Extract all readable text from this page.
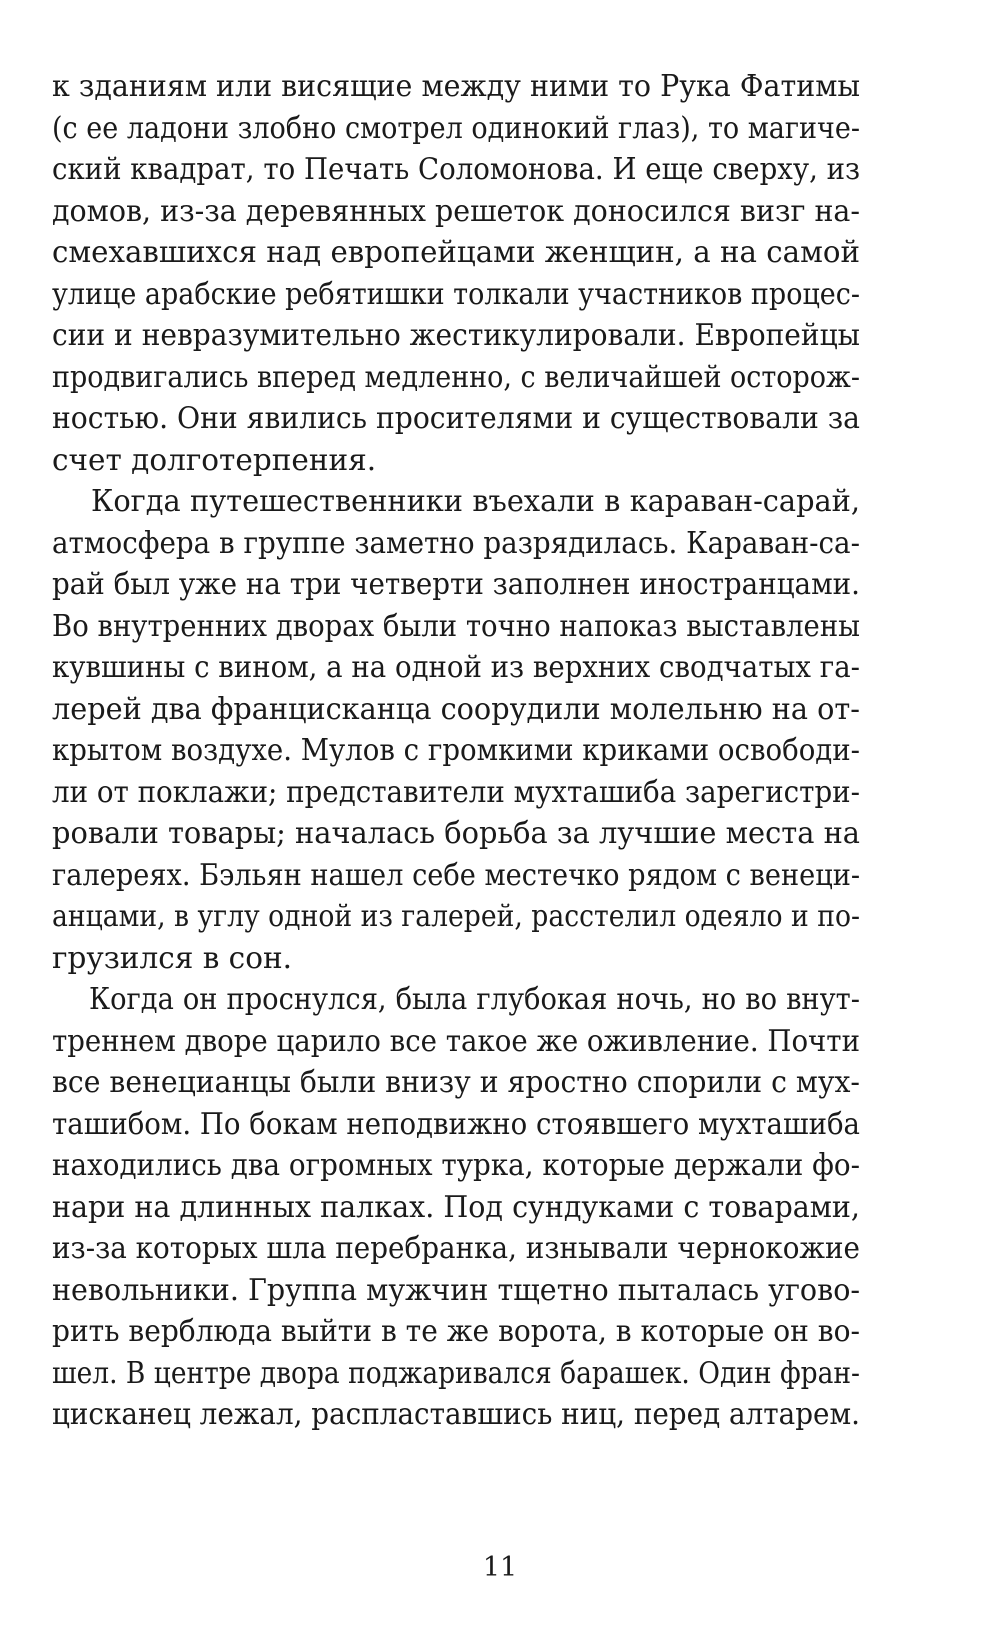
к зданиям или висящие между ними то Рука Фатимы
(с ее ладони злобно смотрел одинокий глаз), то магиче-
ский квадрат, то Печать Соломонова. И еще сверху, из
домов, из-за деревянных решеток доносился визг на-
смехавшихся над европейцами женщин, а на самой
улице арабские ребятишки толкали участников процес-
сии и невразумительно жестикулировали. Европейцы
продвигались вперед медленно, с величайшей осторож-
ностью. Они явились просителями и существовали за
счет долготерпения.
Когда путешественники въехали в караван-сарай,
атмосфера в группе заметно разрядилась. Караван-са-
рай был уже на три четверти заполнен иностранцами.
Во внутренних дворах были точно напоказ выставлены
кувшины с вином, а на одной из верхних сводчатых га-
лерей два францисканца соорудили молельню на от-
крытом воздухе. Мулов с громкими криками освободи-
ли от поклажи; представители мухташиба зарегистри-
ровали товары; началась борьба за лучшие места на
галереях. Бэльян нашел себе местечко рядом с венеци-
анцами, в углу одной из галерей, расстелил одеяло и по-
грузился в сон.
Когда он проснулся, была глубокая ночь, но во внут-
треннем дворе царило все такое же оживление. Почти
все венецианцы были внизу и яростно спорили с мух-
ташибом. По бокам неподвижно стоявшего мухташиба
находились два огромных турка, которые держали фо-
нари на длинных палках. Под сундуками с товарами,
из-за которых шла перебранка, изнывали чернокожие
невольники. Группа мужчин тщетно пыталась угово-
рить верблюда выйти в те же ворота, в которые он во-
шел. В центре двора поджаривался барашек. Один фран-
цисканец лежал, распластавшись ниц, перед алтарем.
11
